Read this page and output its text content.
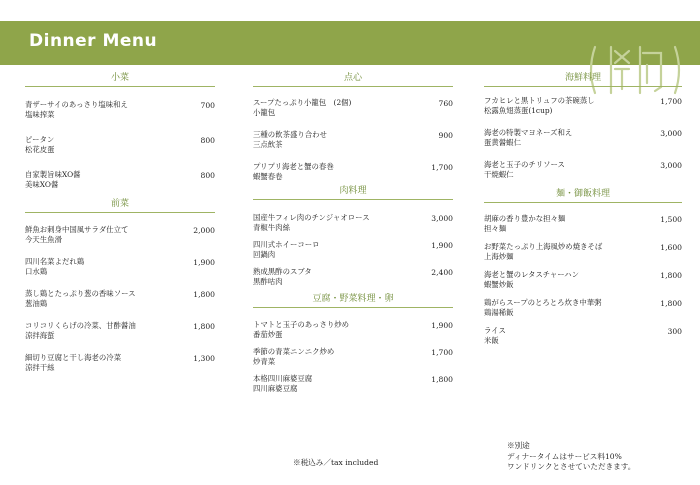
Dinner Menu
小菜
青ザーサイのあっさり塩味和え
塩味搾菜
700
ピータン
松花皮蛋
800
自家製旨味XO醤
美味XO醤
800
前菜
鮮魚お刺身中国風サラダ仕立て
今天生魚滑
2,000
四川名菜よだれ鶏
口水鶏
1,900
蒸し鶏とたっぷり葱の香味ソース
葱油鶏
1,800
コリコリくらげの冷菜、甘酢醤油
涼拌海蜇
1,800
細切り豆腐と干し海老の冷菜
涼拌干絲
1,300
点心
スープたっぷり小籠包　(2個)
小籠包
760
三種の飲茶盛り合わせ
三点飲茶
900
プリプリ海老と蟹の春巻
蝦蟹春卷
1,700
肉料理
国産牛フィレ肉のチンジャオロース
青椒牛肉絲
3,000
四川式ホイーコーロ
回鍋肉
1,900
熟成黒酢のスブタ
黒酢咕肉
2,400
豆腐・野菜料理・卵
トマトと玉子のあっさり炒め
番茄炒蛋
1,900
季節の青菜ニンニク炒め
炒青菜
1,700
本格四川麻婆豆腐
四川麻婆豆腐
1,800
海鮮料理
フカヒレと黒トリュフの茶碗蒸し
松露魚翅蒸蛋(1cup)
1,700
海老の特製マヨネーズ和え
蛋黄醤蝦仁
3,000
海老と玉子のチリソース
干焼蝦仁
3,000
麺・御飯料理
胡麻の香り豊かな担々麺
担々麺
1,500
お野菜たっぷり上海風炒め焼きそば
上海炒麺
1,600
海老と蟹のレタスチャーハン
蝦蟹炒飯
1,800
鶏がらスープのとろとろ炊き中華粥
鶏湯稀飯
1,800
ライス
米飯
300
※税込み／tax included
※別途
ディナータイムはサービス料10%
ワンドリンクとさせていただきます。
